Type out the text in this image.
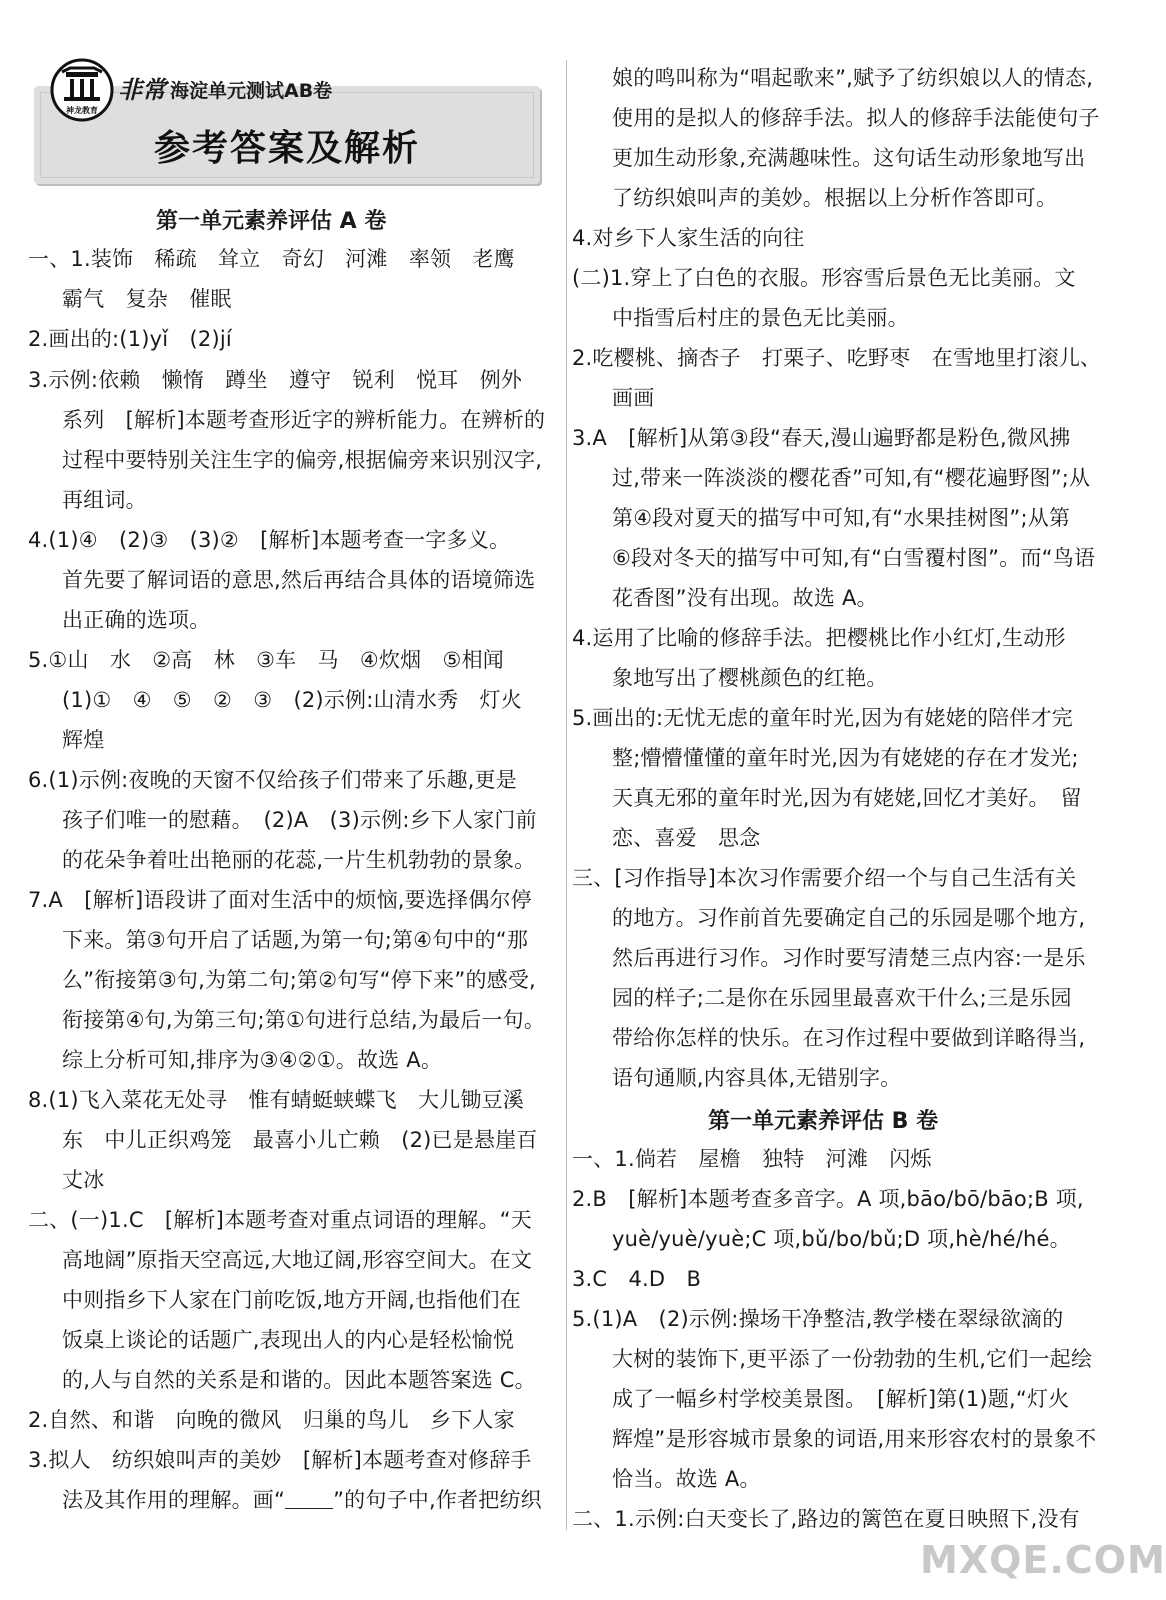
参考答案及解析
神龙教育
非常 海淀单元测试AB卷
第一单元素养评估 A 卷
一、1.装饰　稀疏　耸立　奇幻　河滩　率领　老鹰
霸气　复杂　催眠
2.画出的:(1)yǐ　(2)jí
3.示例:依赖　懒惰　蹲坐　遵守　锐利　悦耳　例外
系列　[解析]本题考查形近字的辨析能力。在辨析的
过程中要特别关注生字的偏旁,根据偏旁来识别汉字,
再组词。
4.(1)④　(2)③　(3)②　[解析]本题考查一字多义。
首先要了解词语的意思,然后再结合具体的语境筛选
出正确的选项。
5.①山　水　②高　林　③车　马　④炊烟　⑤相闻
(1)①　④　⑤　②　③　(2)示例:山清水秀　灯火
辉煌
6.(1)示例:夜晚的天窗不仅给孩子们带来了乐趣,更是
孩子们唯一的慰藉。　(2)A　(3)示例:乡下人家门前
的花朵争着吐出艳丽的花蕊,一片生机勃勃的景象。
7.A　[解析]语段讲了面对生活中的烦恼,要选择偶尔停
下来。第③句开启了话题,为第一句;第④句中的“那
么”衔接第③句,为第二句;第②句写“停下来”的感受,
衔接第④句,为第三句;第①句进行总结,为最后一句。
综上分析可知,排序为③④②①。故选 A。
8.(1)飞入菜花无处寻　惟有蜻蜓蛱蝶飞　大儿锄豆溪
东　中儿正织鸡笼　最喜小儿亡赖　(2)已是悬崖百
丈冰
二、(一)1.C　[解析]本题考查对重点词语的理解。“天
高地阔”原指天空高远,大地辽阔,形容空间大。在文
中则指乡下人家在门前吃饭,地方开阔,也指他们在
饭桌上谈论的话题广,表现出人的内心是轻松愉悦
的,人与自然的关系是和谐的。因此本题答案选 C。
2.自然、和谐　向晚的微风　归巢的鸟儿　乡下人家
3.拟人　纺织娘叫声的美妙　[解析]本题考查对修辞手
法及其作用的理解。画“ ”的句子中,作者把纺织
娘的鸣叫称为“唱起歌来”,赋予了纺织娘以人的情态,
使用的是拟人的修辞手法。拟人的修辞手法能使句子
更加生动形象,充满趣味性。这句话生动形象地写出
了纺织娘叫声的美妙。根据以上分析作答即可。
4.对乡下人家生活的向往
(二)1.穿上了白色的衣服。形容雪后景色无比美丽。文
中指雪后村庄的景色无比美丽。
2.吃樱桃、摘杏子　打栗子、吃野枣　在雪地里打滚儿、
画画
3.A　[解析]从第③段“春天,漫山遍野都是粉色,微风拂
过,带来一阵淡淡的樱花香”可知,有“樱花遍野图”;从
第④段对夏天的描写中可知,有“水果挂树图”;从第
⑥段对冬天的描写中可知,有“白雪覆村图”。而“鸟语
花香图”没有出现。故选 A。
4.运用了比喻的修辞手法。把樱桃比作小红灯,生动形
象地写出了樱桃颜色的红艳。
5.画出的:无忧无虑的童年时光,因为有姥姥的陪伴才完
整;懵懵懂懂的童年时光,因为有姥姥的存在才发光;
天真无邪的童年时光,因为有姥姥,回忆才美好。　留
恋、喜爱　思念
三、[习作指导]本次习作需要介绍一个与自己生活有关
的地方。习作前首先要确定自己的乐园是哪个地方,
然后再进行习作。习作时要写清楚三点内容:一是乐
园的样子;二是你在乐园里最喜欢干什么;三是乐园
带给你怎样的快乐。在习作过程中要做到详略得当,
语句通顺,内容具体,无错别字。
第一单元素养评估 B 卷
一、1.倘若　屋檐　独特　河滩　闪烁
2.B　[解析]本题考查多音字。A 项,bāo/bō/bāo;B 项,
yuè/yuè/yuè;C 项,bǔ/bo/bǔ;D 项,hè/hé/hé。
3.C　4.D　B
5.(1)A　(2)示例:操场干净整洁,教学楼在翠绿欲滴的
大树的装饰下,更平添了一份勃勃的生机,它们一起绘
成了一幅乡村学校美景图。　[解析]第(1)题,“灯火
辉煌”是形容城市景象的词语,用来形容农村的景象不
恰当。故选 A。
二、1.示例:白天变长了,路边的篱笆在夏日映照下,没有
MXQE.COM
